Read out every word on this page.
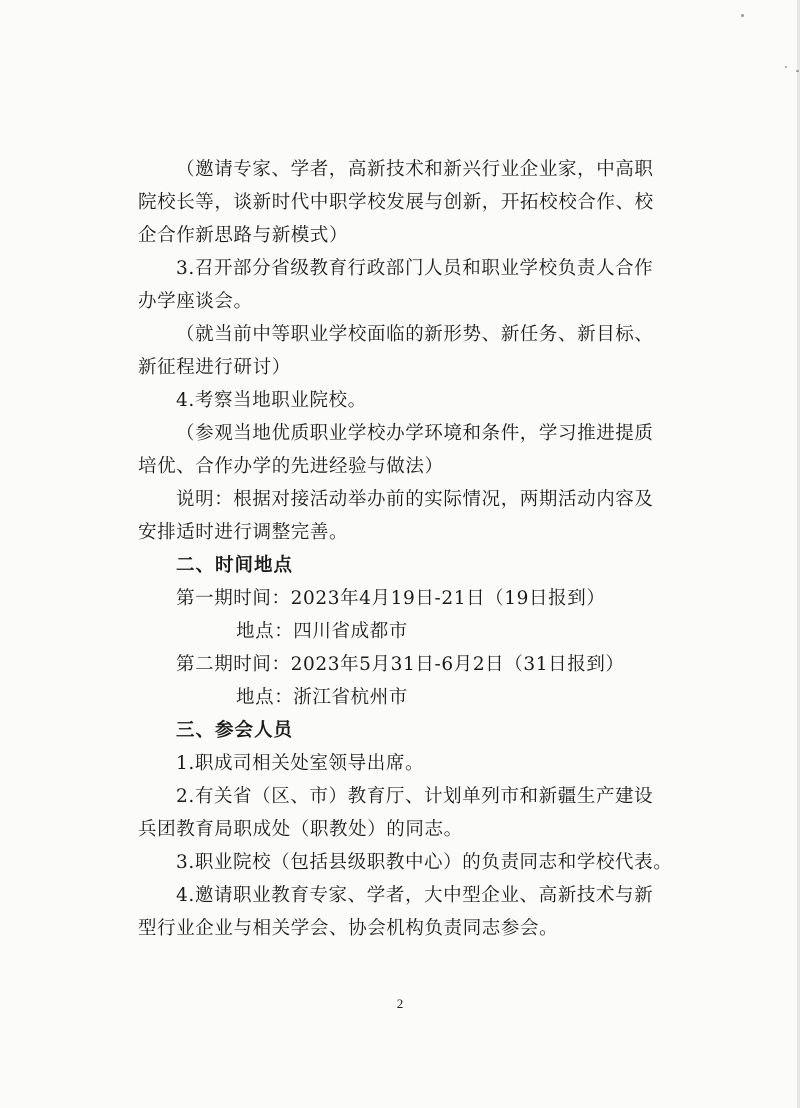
（邀请专家、学者，高新技术和新兴行业企业家，中高职
院校长等，谈新时代中职学校发展与创新，开拓校校合作、校
企合作新思路与新模式）
3.召开部分省级教育行政部门人员和职业学校负责人合作
办学座谈会。
（就当前中等职业学校面临的新形势、新任务、新目标、
新征程进行研讨）
4.考察当地职业院校。
（参观当地优质职业学校办学环境和条件，学习推进提质
培优、合作办学的先进经验与做法）
说明：根据对接活动举办前的实际情况，两期活动内容及
安排适时进行调整完善。
二、时间地点
第一期时间：2023年4月19日-21日（19日报到）
地点：四川省成都市
第二期时间：2023年5月31日-6月2日（31日报到）
地点：浙江省杭州市
三、参会人员
1.职成司相关处室领导出席。
2.有关省（区、市）教育厅、计划单列市和新疆生产建设
兵团教育局职成处（职教处）的同志。
3.职业院校（包括县级职教中心）的负责同志和学校代表。
4.邀请职业教育专家、学者，大中型企业、高新技术与新
型行业企业与相关学会、协会机构负责同志参会。
2
